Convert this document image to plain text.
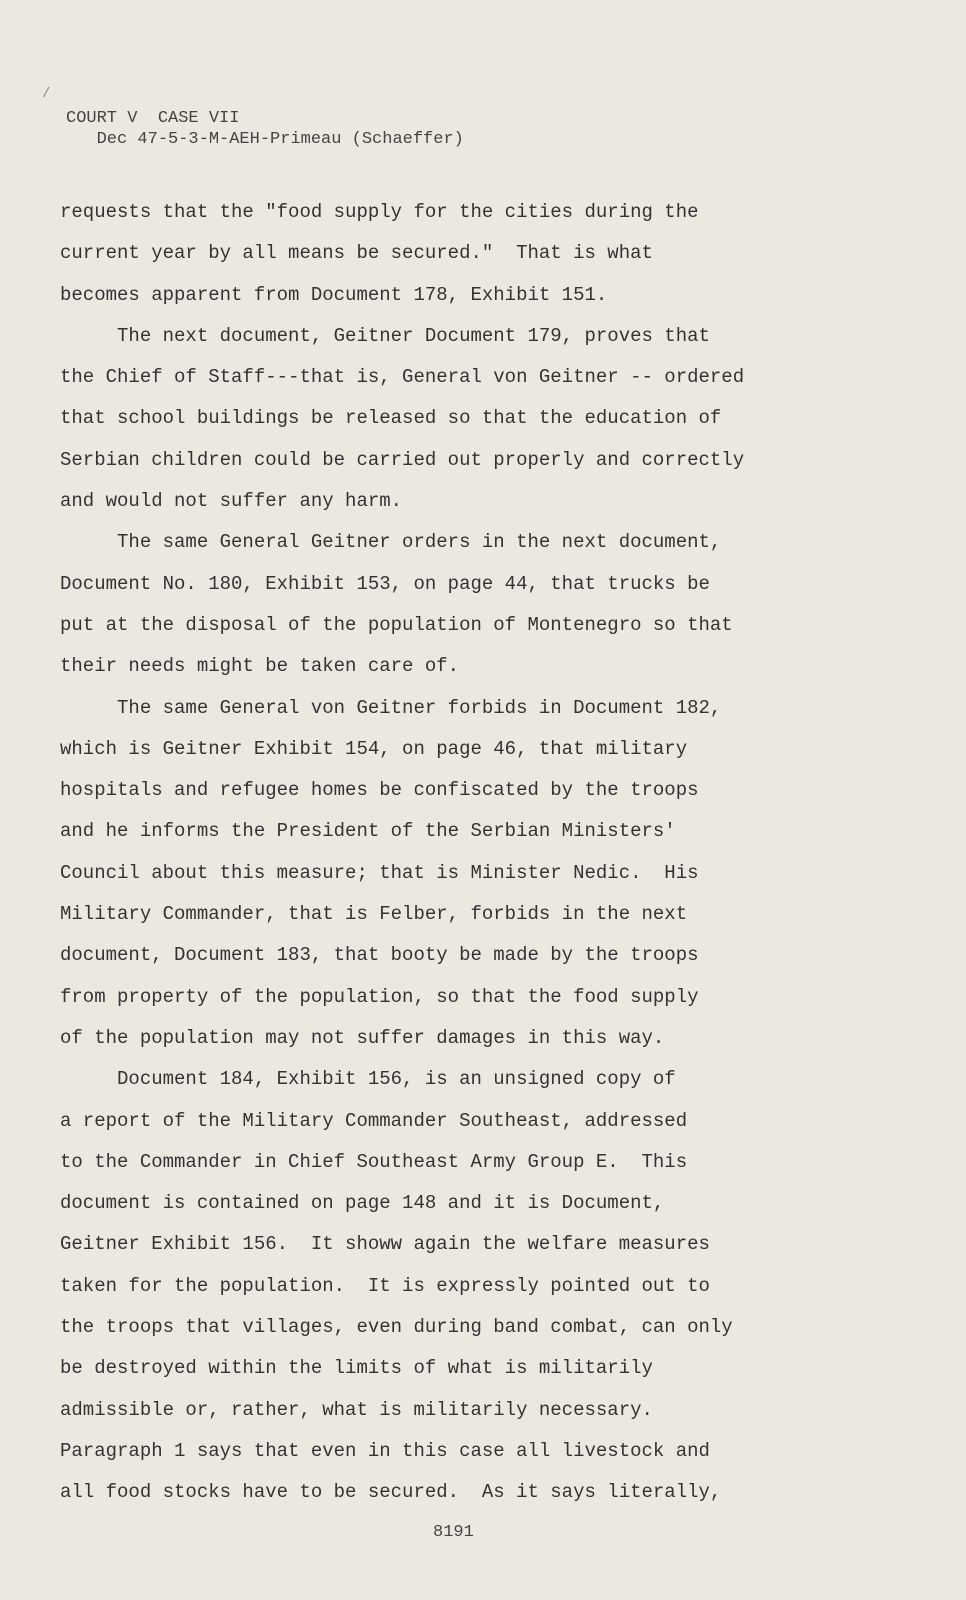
/
COURT V  CASE VII
Dec 47-5-3-M-AEH-Primeau (Schaeffer)
requests that the "food supply for the cities during the
current year by all means be secured."  That is what
becomes apparent from Document 178, Exhibit 151.
The next document, Geitner Document 179, proves that
the Chief of Staff---that is, General von Geitner -- ordered
that school buildings be released so that the education of
Serbian children could be carried out properly and correctly
and would not suffer any harm.
The same General Geitner orders in the next document,
Document No. 180, Exhibit 153, on page 44, that trucks be
put at the disposal of the population of Montenegro so that
their needs might be taken care of.
The same General von Geitner forbids in Document 182,
which is Geitner Exhibit 154, on page 46, that military
hospitals and refugee homes be confiscated by the troops
and he informs the President of the Serbian Ministers'
Council about this measure; that is Minister Nedic.  His
Military Commander, that is Felber, forbids in the next
document, Document 183, that booty be made by the troops
from property of the population, so that the food supply
of the population may not suffer damages in this way.
Document 184, Exhibit 156, is an unsigned copy of
a report of the Military Commander Southeast, addressed
to the Commander in Chief Southeast Army Group E.  This
document is contained on page 148 and it is Document,
Geitner Exhibit 156.  It showw again the welfare measures
taken for the population.  It is expressly pointed out to
the troops that villages, even during band combat, can only
be destroyed within the limits of what is militarily
admissible or, rather, what is militarily necessary.
Paragraph 1 says that even in this case all livestock and
all food stocks have to be secured.  As it says literally,
8191
